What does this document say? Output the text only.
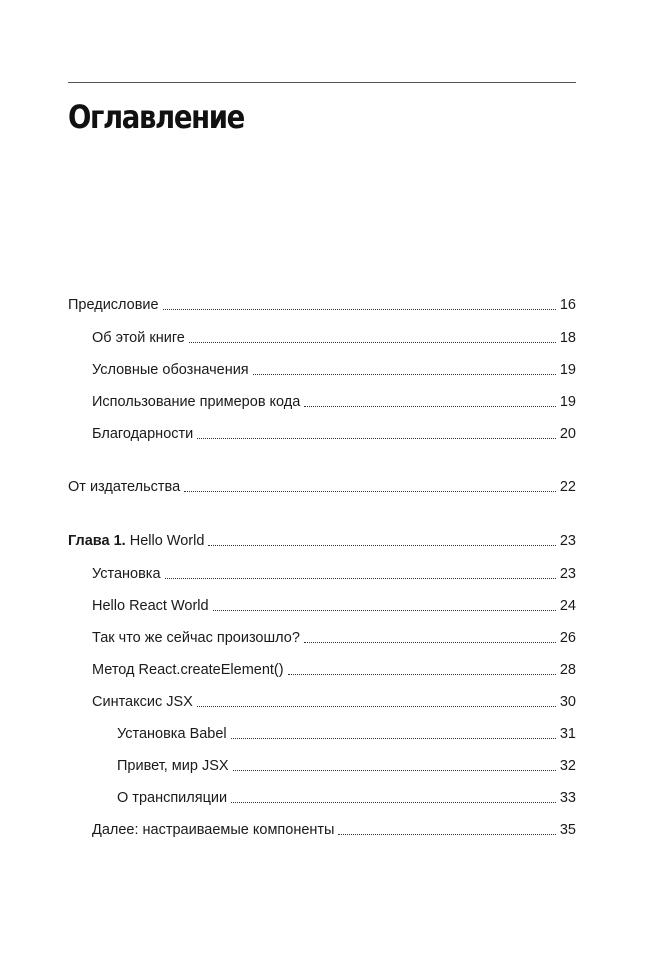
Оглавление
Предисловие	16
Об этой книге	18
Условные обозначения	19
Использование примеров кода	19
Благодарности	20
От издательства	22
Глава 1. Hello World	23
Установка	23
Hello React World	24
Так что же сейчас произошло?	26
Метод React.createElement()	28
Синтаксис JSX	30
Установка Babel	31
Привет, мир JSX	32
О транспиляции	33
Далее: настраиваемые компоненты	35
